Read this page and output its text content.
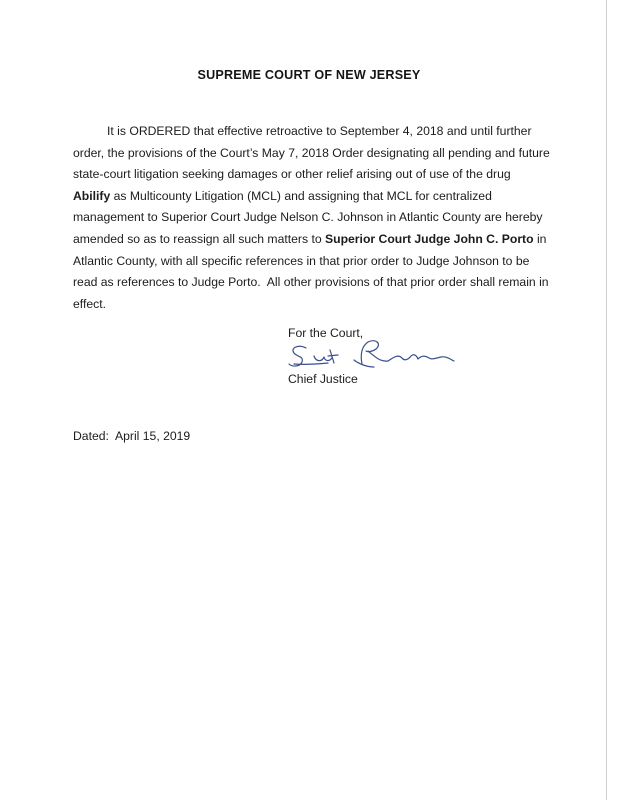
SUPREME COURT OF NEW JERSEY

It is ORDERED that effective retroactive to September 4, 2018 and until further order, the provisions of the Court’s May 7, 2018 Order designating all pending and future state-court litigation seeking damages or other relief arising out of use of the drug Abilify as Multicounty Litigation (MCL) and assigning that MCL for centralized management to Superior Court Judge Nelson C. Johnson in Atlantic County are hereby amended so as to reassign all such matters to Superior Court Judge John C. Porto in Atlantic County, with all specific references in that prior order to Judge Johnson to be read as references to Judge Porto.  All other provisions of that prior order shall remain in effect.

For the Court,
Chief Justice
Dated:  April 15, 2019
